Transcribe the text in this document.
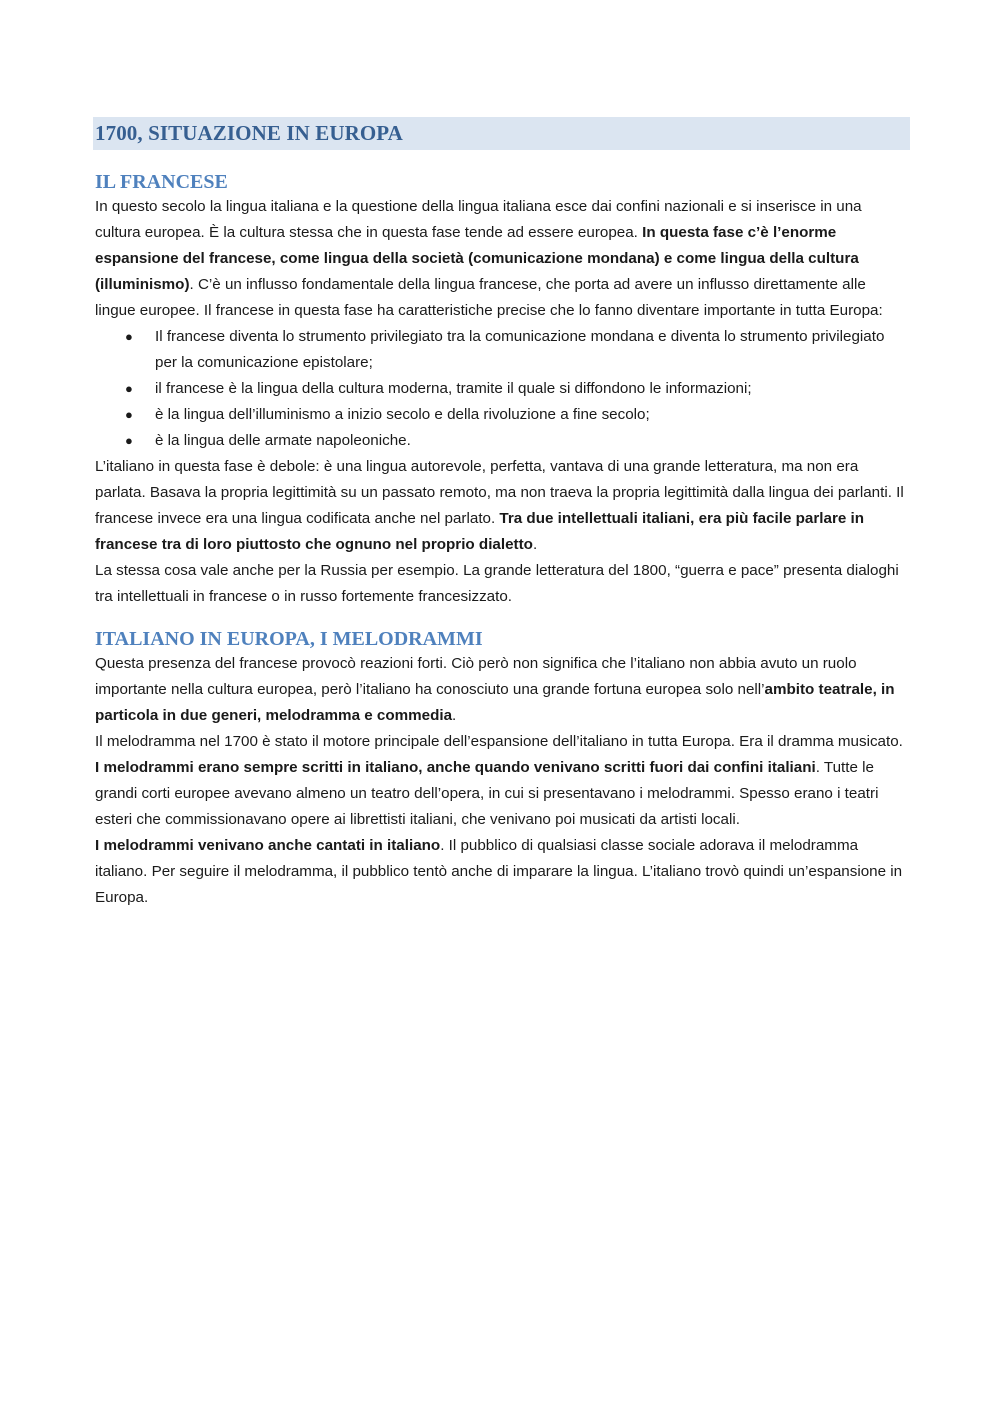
1700, SITUAZIONE IN EUROPA
IL FRANCESE

In questo secolo la lingua italiana e la questione della lingua italiana esce dai confini nazionali e si inserisce in una cultura europea. È la cultura stessa che in questa fase tende ad essere europea. In questa fase c’è l’enorme espansione del francese, come lingua della società (comunicazione mondana) e come lingua della cultura (illuminismo). C’è un influsso fondamentale della lingua francese, che porta ad avere un influsso direttamente alle lingue europee. Il francese in questa fase ha caratteristiche precise che lo fanno diventare importante in tutta Europa:

● Il francese diventa lo strumento privilegiato tra la comunicazione mondana e diventa lo strumento privilegiato per la comunicazione epistolare;
● il francese è la lingua della cultura moderna, tramite il quale si diffondono le informazioni;
● è la lingua dell’illuminismo a inizio secolo e della rivoluzione a fine secolo;
● è la lingua delle armate napoleoniche.

L’italiano in questa fase è debole: è una lingua autorevole, perfetta, vantava di una grande letteratura, ma non era parlata. Basava la propria legittimità su un passato remoto, ma non traeva la propria legittimità dalla lingua dei parlanti. Il francese invece era una lingua codificata anche nel parlato. Tra due intellettuali italiani, era più facile parlare in francese tra di loro piuttosto che ognuno nel proprio dialetto.

La stessa cosa vale anche per la Russia per esempio. La grande letteratura del 1800, “guerra e pace” presenta dialoghi tra intellettuali in francese o in russo fortemente francesizzato.

ITALIANO IN EUROPA, I MELODRAMMI

Questa presenza del francese provocò reazioni forti. Ciò però non significa che l’italiano non abbia avuto un ruolo importante nella cultura europea, però l’italiano ha conosciuto una grande fortuna europea solo nell’ambito teatrale, in particola in due generi, melodramma e commedia.

Il melodramma nel 1700 è stato il motore principale dell’espansione dell’italiano in tutta Europa. Era il dramma musicato. I melodrammi erano sempre scritti in italiano, anche quando venivano scritti fuori dai confini italiani. Tutte le grandi corti europee avevano almeno un teatro dell’opera, in cui si presentavano i melodrammi. Spesso erano i teatri esteri che commissionavano opere ai librettisti italiani, che venivano poi musicati da artisti locali.

I melodrammi venivano anche cantati in italiano. Il pubblico di qualsiasi classe sociale adorava il melodramma italiano. Per seguire il melodramma, il pubblico tentò anche di imparare la lingua. L’italiano trovò quindi un’espansione in Europa.
